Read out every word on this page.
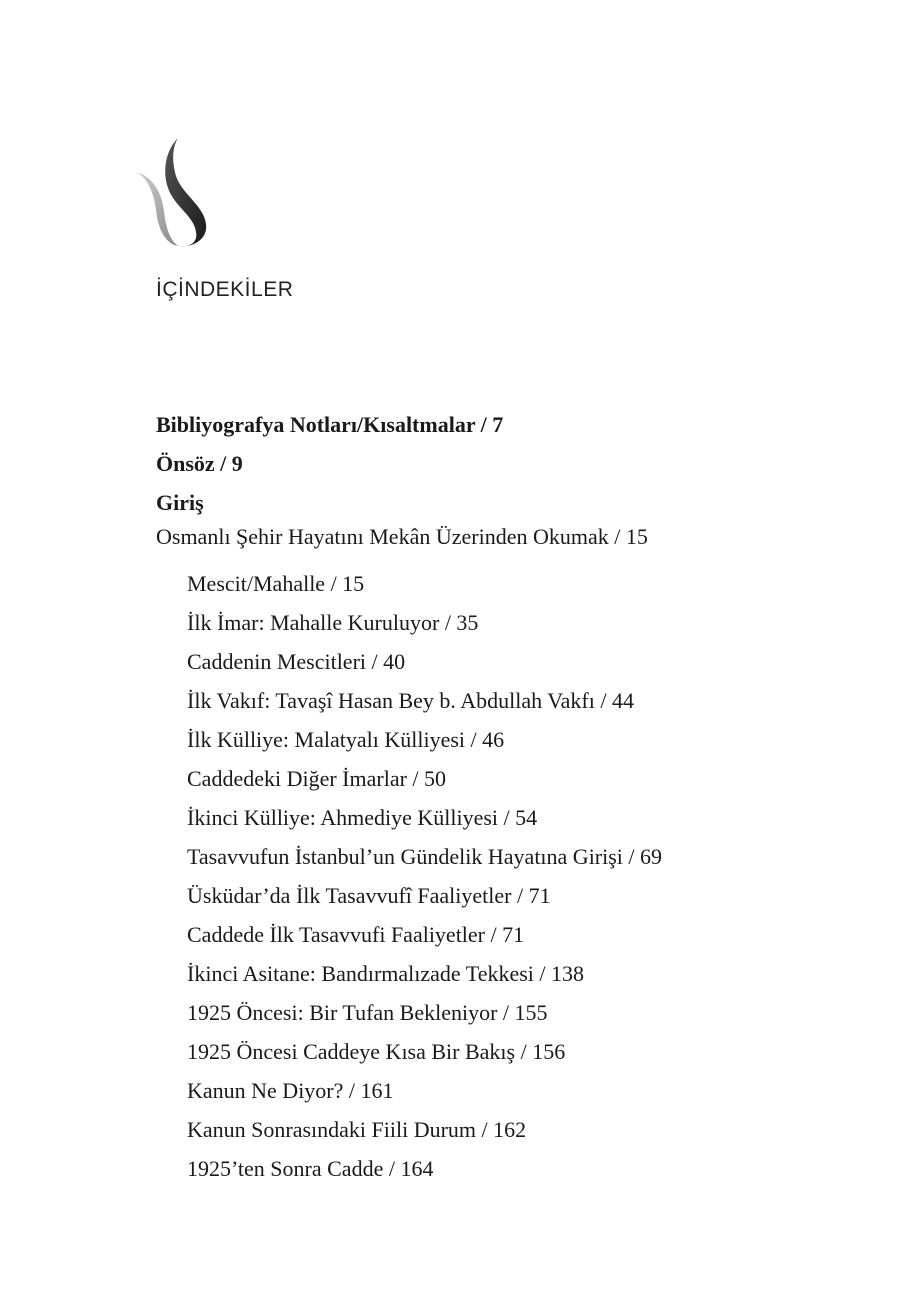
İÇİNDEKİLER

Bibliyografya Notları/Kısaltmalar / 7

Önsöz / 9

Giriş

Osmanlı Şehir Hayatını Mekân Üzerinden Okumak / 15

Mescit/Mahalle / 15
İlk İmar: Mahalle Kuruluyor / 35
Caddenin Mescitleri / 40
İlk Vakıf: Tavaşî Hasan Bey b. Abdullah Vakfı / 44
İlk Külliye: Malatyalı Külliyesi / 46
Caddedeki Diğer İmarlar / 50
İkinci Külliye: Ahmediye Külliyesi / 54
Tasavvufun İstanbul’un Gündelik Hayatına Girişi / 69
Üsküdar’da İlk Tasavvufî Faaliyetler / 71
Caddede İlk Tasavvufi Faaliyetler / 71
İkinci Asitane: Bandırmalızade Tekkesi / 138
1925 Öncesi: Bir Tufan Bekleniyor / 155
1925 Öncesi Caddeye Kısa Bir Bakış / 156
Kanun Ne Diyor? / 161
Kanun Sonrasındaki Fiili Durum / 162
1925’ten Sonra Cadde / 164
